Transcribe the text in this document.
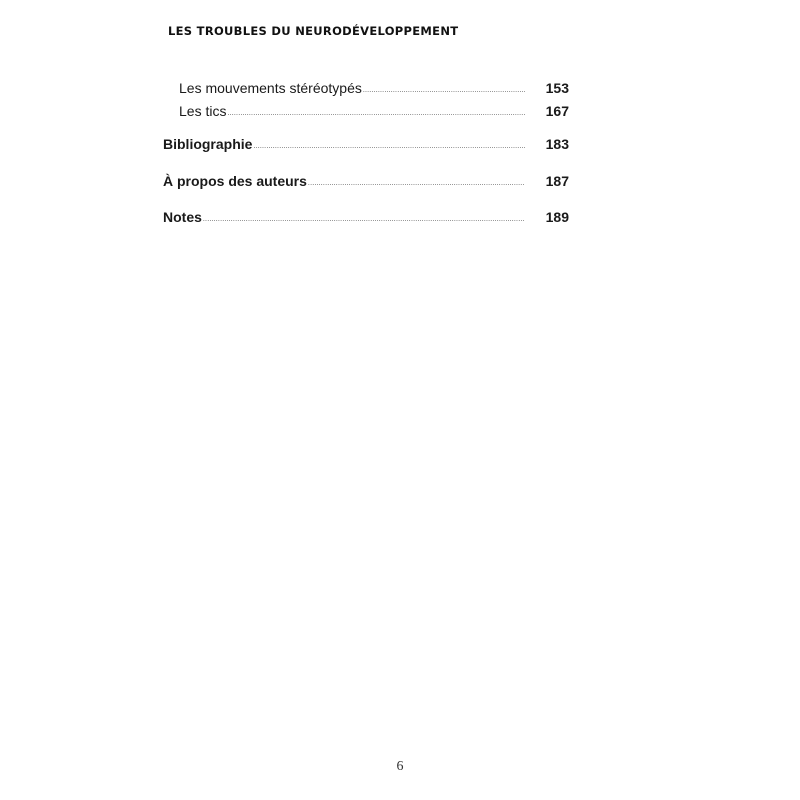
LES TROUBLES DU NEURODÉVELOPPEMENT
Les mouvements stéréotypés .....	153
Les tics .....	167
Bibliographie .....	183
À propos des auteurs .....	187
Notes .....	189
6
